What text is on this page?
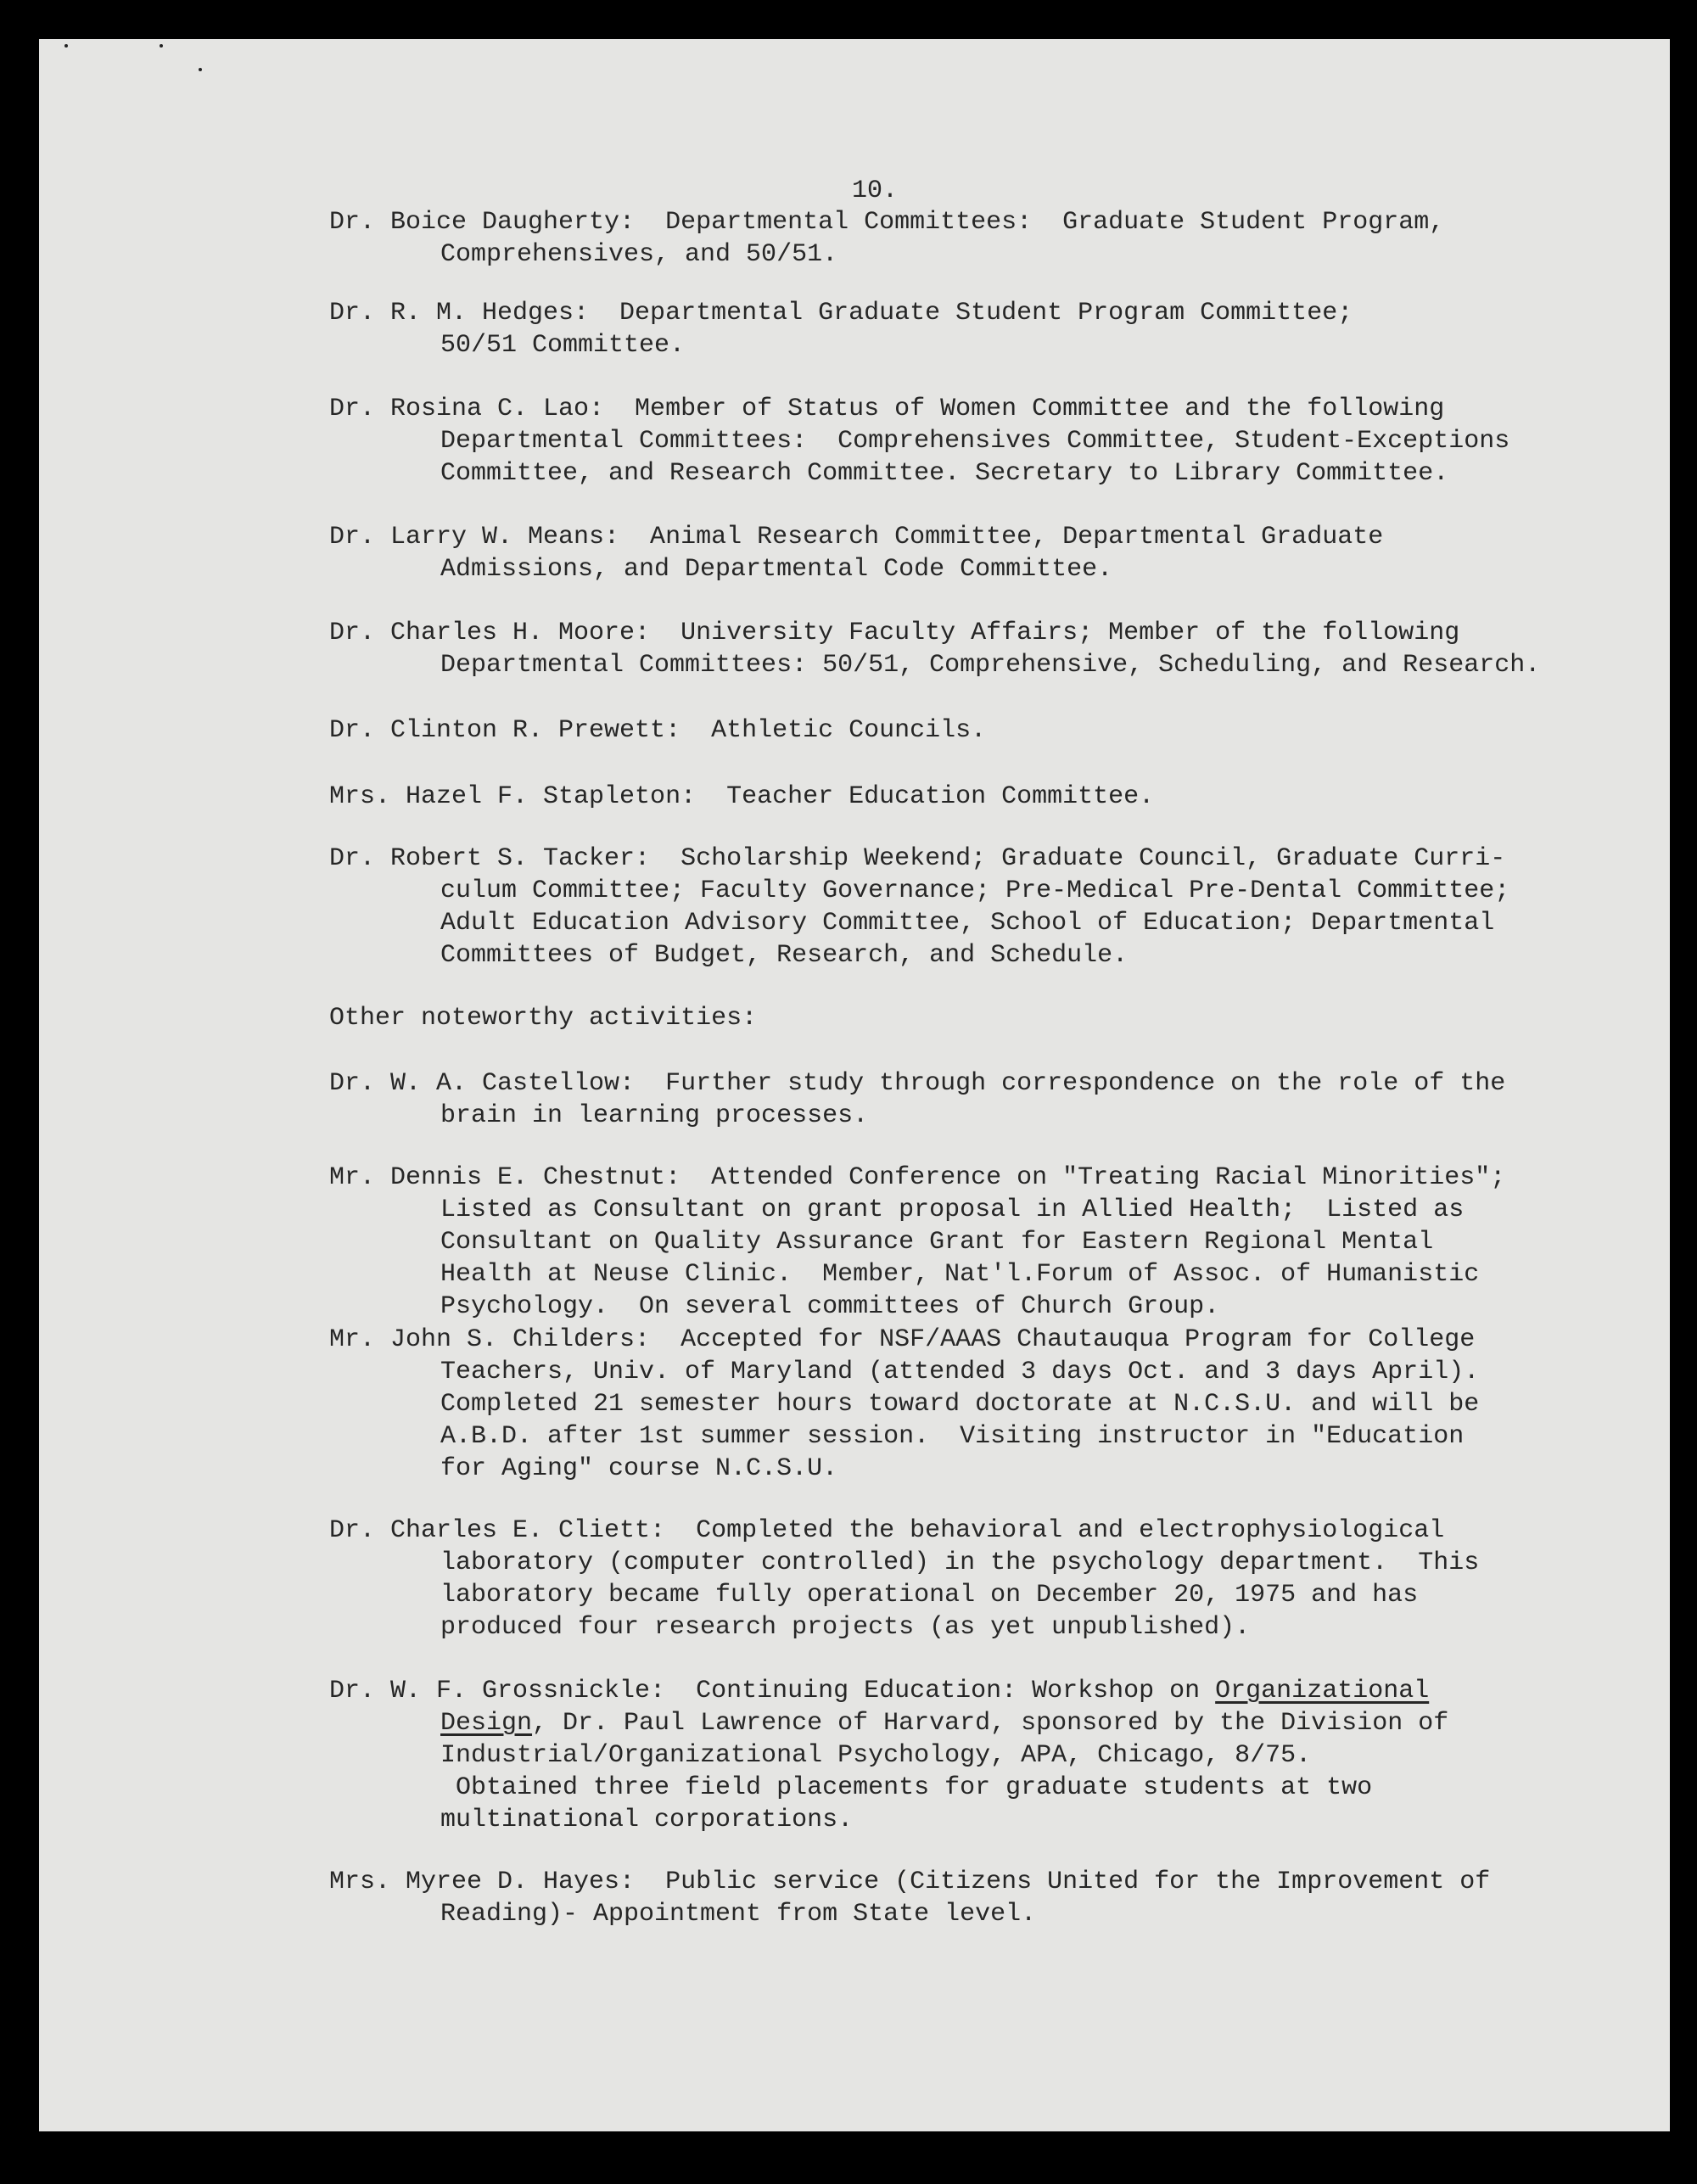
10.
Dr. Boice Daugherty:  Departmental Committees:  Graduate Student Program,
Comprehensives, and 50/51.
Dr. R. M. Hedges:  Departmental Graduate Student Program Committee;
50/51 Committee.
Dr. Rosina C. Lao:  Member of Status of Women Committee and the following
Departmental Committees:  Comprehensives Committee, Student-Exceptions
Committee, and Research Committee. Secretary to Library Committee.
Dr. Larry W. Means:  Animal Research Committee, Departmental Graduate
Admissions, and Departmental Code Committee.
Dr. Charles H. Moore:  University Faculty Affairs; Member of the following
Departmental Committees: 50/51, Comprehensive, Scheduling, and Research.
Dr. Clinton R. Prewett:  Athletic Councils.
Mrs. Hazel F. Stapleton:  Teacher Education Committee.
Dr. Robert S. Tacker:  Scholarship Weekend; Graduate Council, Graduate Curri-
culum Committee; Faculty Governance; Pre-Medical Pre-Dental Committee;
Adult Education Advisory Committee, School of Education; Departmental
Committees of Budget, Research, and Schedule.
Other noteworthy activities:
Dr. W. A. Castellow:  Further study through correspondence on the role of the
brain in learning processes.
Mr. Dennis E. Chestnut:  Attended Conference on "Treating Racial Minorities";
Listed as Consultant on grant proposal in Allied Health;  Listed as
Consultant on Quality Assurance Grant for Eastern Regional Mental
Health at Neuse Clinic.  Member, Nat'l.Forum of Assoc. of Humanistic
Psychology.  On several committees of Church Group.
Mr. John S. Childers:  Accepted for NSF/AAAS Chautauqua Program for College
Teachers, Univ. of Maryland (attended 3 days Oct. and 3 days April).
Completed 21 semester hours toward doctorate at N.C.S.U. and will be
A.B.D. after 1st summer session.  Visiting instructor in "Education
for Aging" course N.C.S.U.
Dr. Charles E. Cliett:  Completed the behavioral and electrophysiological
laboratory (computer controlled) in the psychology department.  This
laboratory became fully operational on December 20, 1975 and has
produced four research projects (as yet unpublished).
Dr. W. F. Grossnickle:  Continuing Education: Workshop on Organizational
Design, Dr. Paul Lawrence of Harvard, sponsored by the Division of
Industrial/Organizational Psychology, APA, Chicago, 8/75.
Obtained three field placements for graduate students at two
multinational corporations.
Mrs. Myree D. Hayes:  Public service (Citizens United for the Improvement of
Reading)- Appointment from State level.
